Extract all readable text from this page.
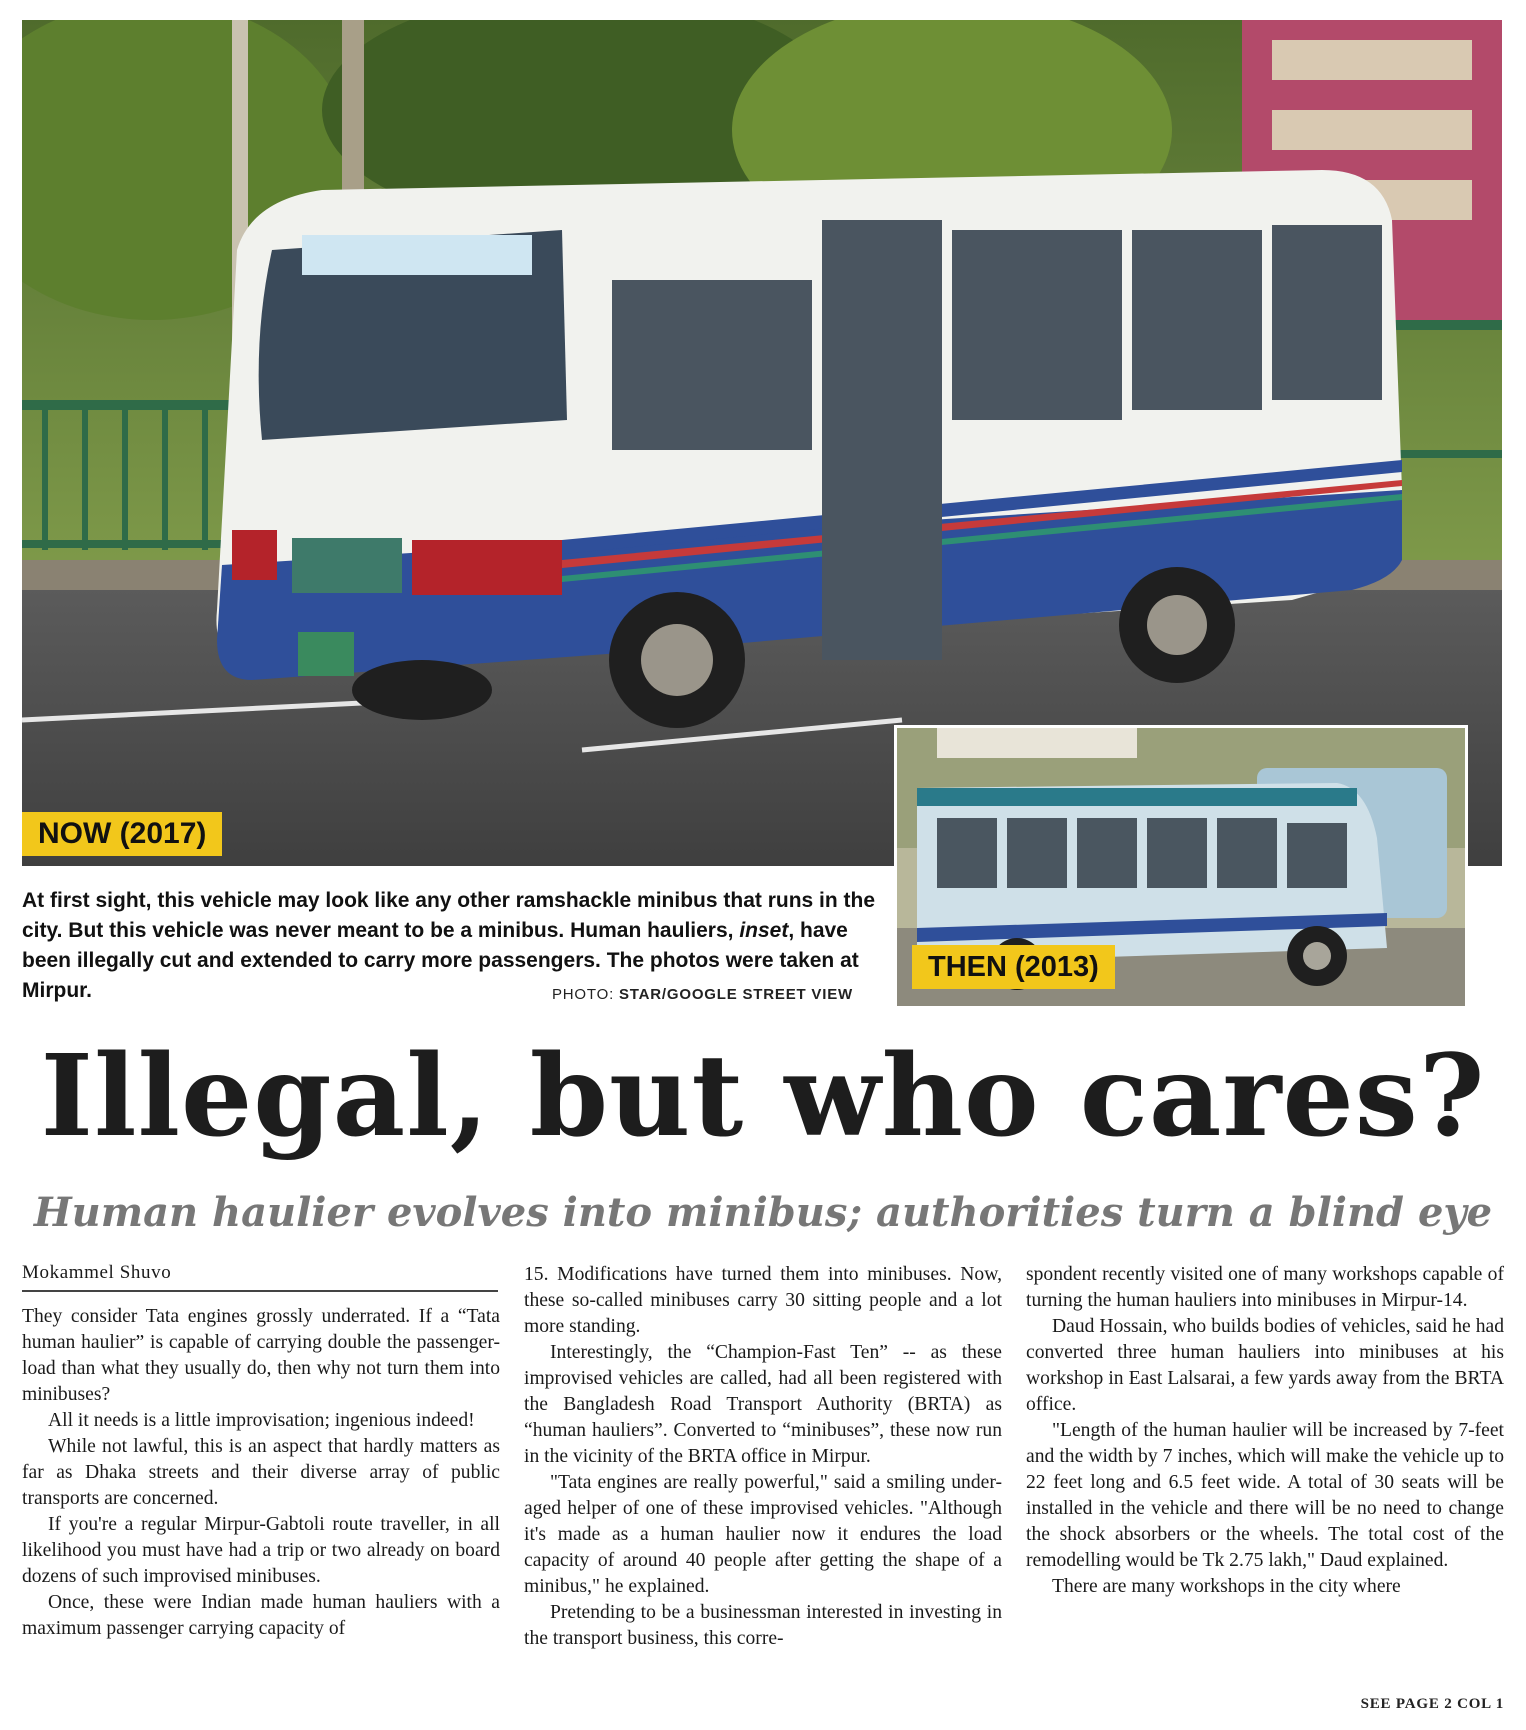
NOW (2017)
THEN (2013)
At first sight, this vehicle may look like any other ramshackle minibus that runs in the city. But this vehicle was never meant to be a minibus. Human hauliers, inset, have been illegally cut and extended to carry more passengers. The photos were taken at Mirpur.	PHOTO: STAR/GOOGLE STREET VIEW
Illegal, but who cares?
Human haulier evolves into minibus; authorities turn a blind eye
Mokammel Shuvo

They consider Tata engines grossly underrated. If a “Tata human haulier” is capable of carrying double the passenger-load than what they usually do, then why not turn them into minibuses?

All it needs is a little improvisation; ingenious indeed!

While not lawful, this is an aspect that hardly matters as far as Dhaka streets and their diverse array of public transports are concerned.

If you're a regular Mirpur-Gabtoli route traveller, in all likelihood you must have had a trip or two already on board dozens of such improvised minibuses.

Once, these were Indian made human hauliers with a maximum passenger carrying capacity of

15. Modifications have turned them into minibuses. Now, these so-called minibuses carry 30 sitting people and a lot more standing.

Interestingly, the “Champion-Fast Ten” -- as these improvised vehicles are called, had all been registered with the Bangladesh Road Transport Authority (BRTA) as “human hauliers”. Converted to “minibuses”, these now run in the vicinity of the BRTA office in Mirpur.

"Tata engines are really powerful," said a smiling under-aged helper of one of these improvised vehicles. "Although it's made as a human haulier now it endures the load capacity of around 40 people after getting the shape of a minibus," he explained.

Pretending to be a businessman interested in investing in the transport business, this corre-

spondent recently visited one of many workshops capable of turning the human hauliers into minibuses in Mirpur-14.

Daud Hossain, who builds bodies of vehicles, said he had converted three human hauliers into minibuses at his workshop in East Lalsarai, a few yards away from the BRTA office.

"Length of the human haulier will be increased by 7-feet and the width by 7 inches, which will make the vehicle up to 22 feet long and 6.5 feet wide. A total of 30 seats will be installed in the vehicle and there will be no need to change the shock absorbers or the wheels. The total cost of the remodelling would be Tk 2.75 lakh," Daud explained.

There are many workshops in the city where

SEE PAGE 2 COL 1
